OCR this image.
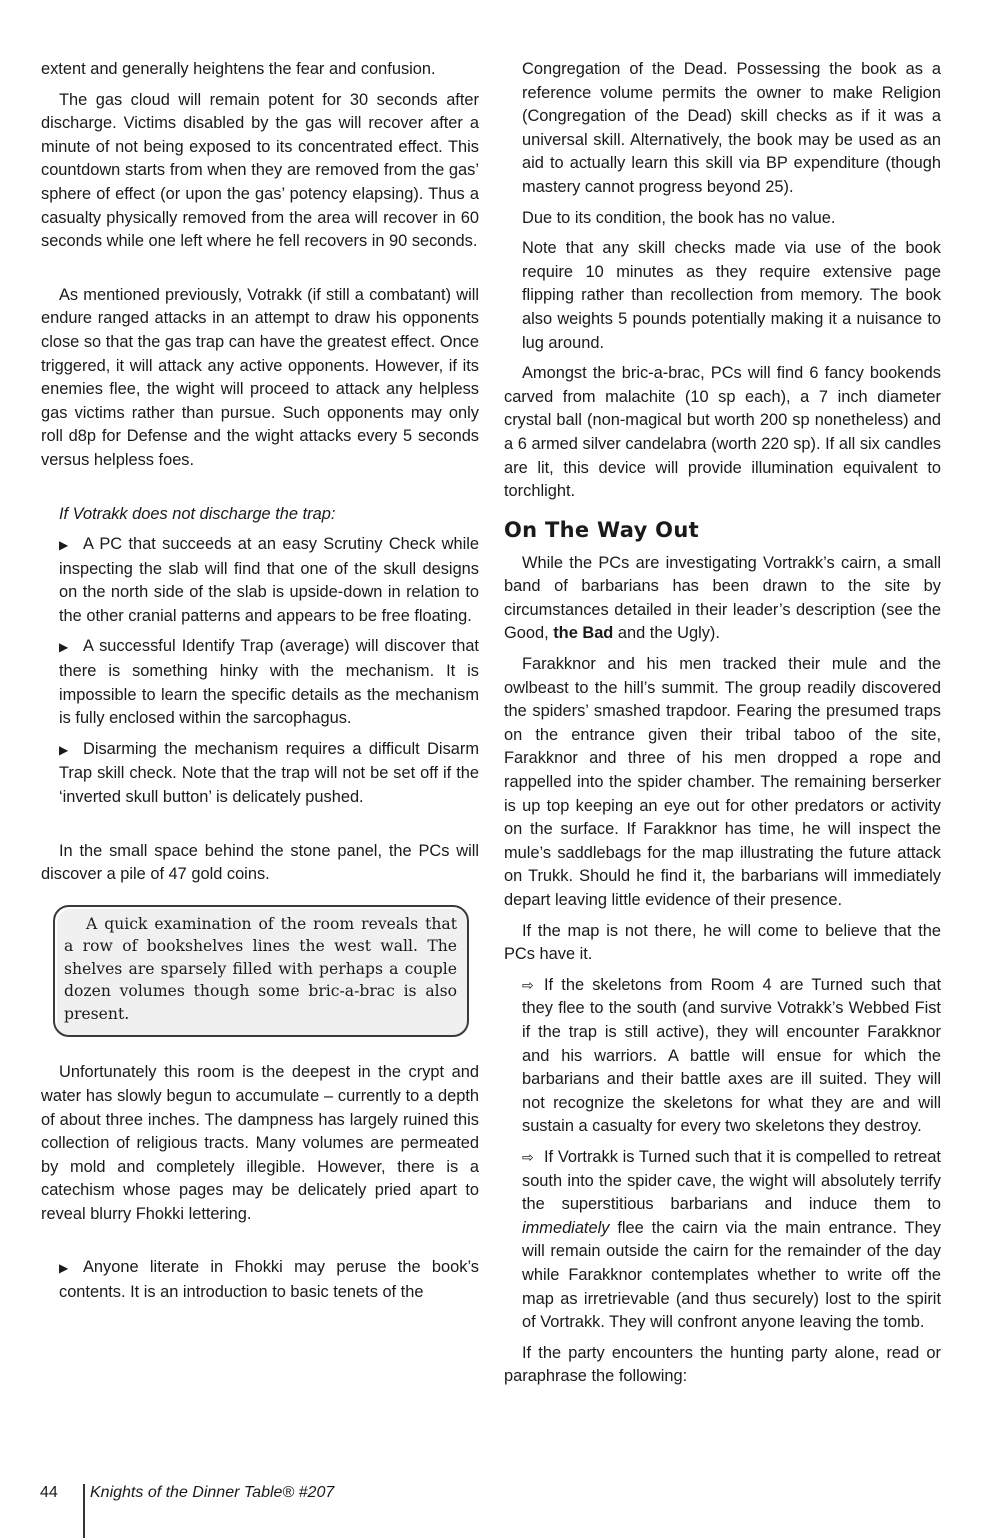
extent and generally heightens the fear and confusion.

The gas cloud will remain potent for 30 seconds after discharge. Victims disabled by the gas will recover after a minute of not being exposed to its concentrated effect. This countdown starts from when they are removed from the gas’ sphere of effect (or upon the gas’ potency elapsing). Thus a casualty physically removed from the area will recover in 60 seconds while one left where he fell recovers in 90 seconds.

As mentioned previously, Votrakk (if still a combatant) will endure ranged attacks in an attempt to draw his opponents close so that the gas trap can have the greatest effect. Once triggered, it will attack any active opponents. However, if its enemies flee, the wight will proceed to attack any helpless gas victims rather than pursue. Such opponents may only roll d8p for Defense and the wight attacks every 5 seconds versus helpless foes.

If Votrakk does not discharge the trap:

▶ A PC that succeeds at an easy Scrutiny Check while inspecting the slab will find that one of the skull designs on the north side of the slab is upside-down in relation to the other cranial patterns and appears to be free floating.

▶ A successful Identify Trap (average) will discover that there is something hinky with the mechanism. It is impossible to learn the specific details as the mechanism is fully enclosed within the sarcophagus.

▶ Disarming the mechanism requires a difficult Disarm Trap skill check. Note that the trap will not be set off if the ‘inverted skull button’ is delicately pushed.

In the small space behind the stone panel, the PCs will discover a pile of 47 gold coins.

A quick examination of the room reveals that a row of bookshelves lines the west wall. The shelves are sparsely filled with perhaps a couple dozen volumes though some bric-a-brac is also present.

Unfortunately this room is the deepest in the crypt and water has slowly begun to accumulate – currently to a depth of about three inches. The dampness has largely ruined this collection of religious tracts. Many volumes are permeated by mold and completely illegible. However, there is a catechism whose pages may be delicately pried apart to reveal blurry Fhokki lettering.

▶ Anyone literate in Fhokki may peruse the book’s contents. It is an introduction to basic tenets of the

Congregation of the Dead. Possessing the book as a reference volume permits the owner to make Religion (Congregation of the Dead) skill checks as if it was a universal skill. Alternatively, the book may be used as an aid to actually learn this skill via BP expenditure (though mastery cannot progress beyond 25).

Due to its condition, the book has no value.

Note that any skill checks made via use of the book require 10 minutes as they require extensive page flipping rather than recollection from memory. The book also weights 5 pounds potentially making it a nuisance to lug around.

Amongst the bric-a-brac, PCs will find 6 fancy bookends carved from malachite (10 sp each), a 7 inch diameter crystal ball (non-magical but worth 200 sp nonetheless) and a 6 armed silver candelabra (worth 220 sp). If all six candles are lit, this device will provide illumination equivalent to torchlight.

On The Way Out

While the PCs are investigating Vortrakk’s cairn, a small band of barbarians has been drawn to the site by circumstances detailed in their leader’s description (see the Good, the Bad and the Ugly).

Farakknor and his men tracked their mule and the owlbeast to the hill’s summit. The group readily discovered the spiders’ smashed trapdoor. Fearing the presumed traps on the entrance given their tribal taboo of the site, Farakknor and three of his men dropped a rope and rappelled into the spider chamber. The remaining berserker is up top keeping an eye out for other predators or activity on the surface. If Farakknor has time, he will inspect the mule’s saddlebags for the map illustrating the future attack on Trukk. Should he find it, the barbarians will immediately depart leaving little evidence of their presence.

If the map is not there, he will come to believe that the PCs have it.

⇨ If the skeletons from Room 4 are Turned such that they flee to the south (and survive Votrakk’s Webbed Fist if the trap is still active), they will encounter Farakknor and his warriors. A battle will ensue for which the barbarians and their battle axes are ill suited. They will not recognize the skeletons for what they are and will sustain a casualty for every two skeletons they destroy.

⇨ If Vortrakk is Turned such that it is compelled to retreat south into the spider cave, the wight will absolutely terrify the superstitious barbarians and induce them to immediately flee the cairn via the main entrance. They will remain outside the cairn for the remainder of the day while Farakknor contemplates whether to write off the map as irretrievable (and thus securely) lost to the spirit of Vortrakk. They will confront anyone leaving the tomb.

If the party encounters the hunting party alone, read or paraphrase the following:

44 Knights of the Dinner Table® #207
